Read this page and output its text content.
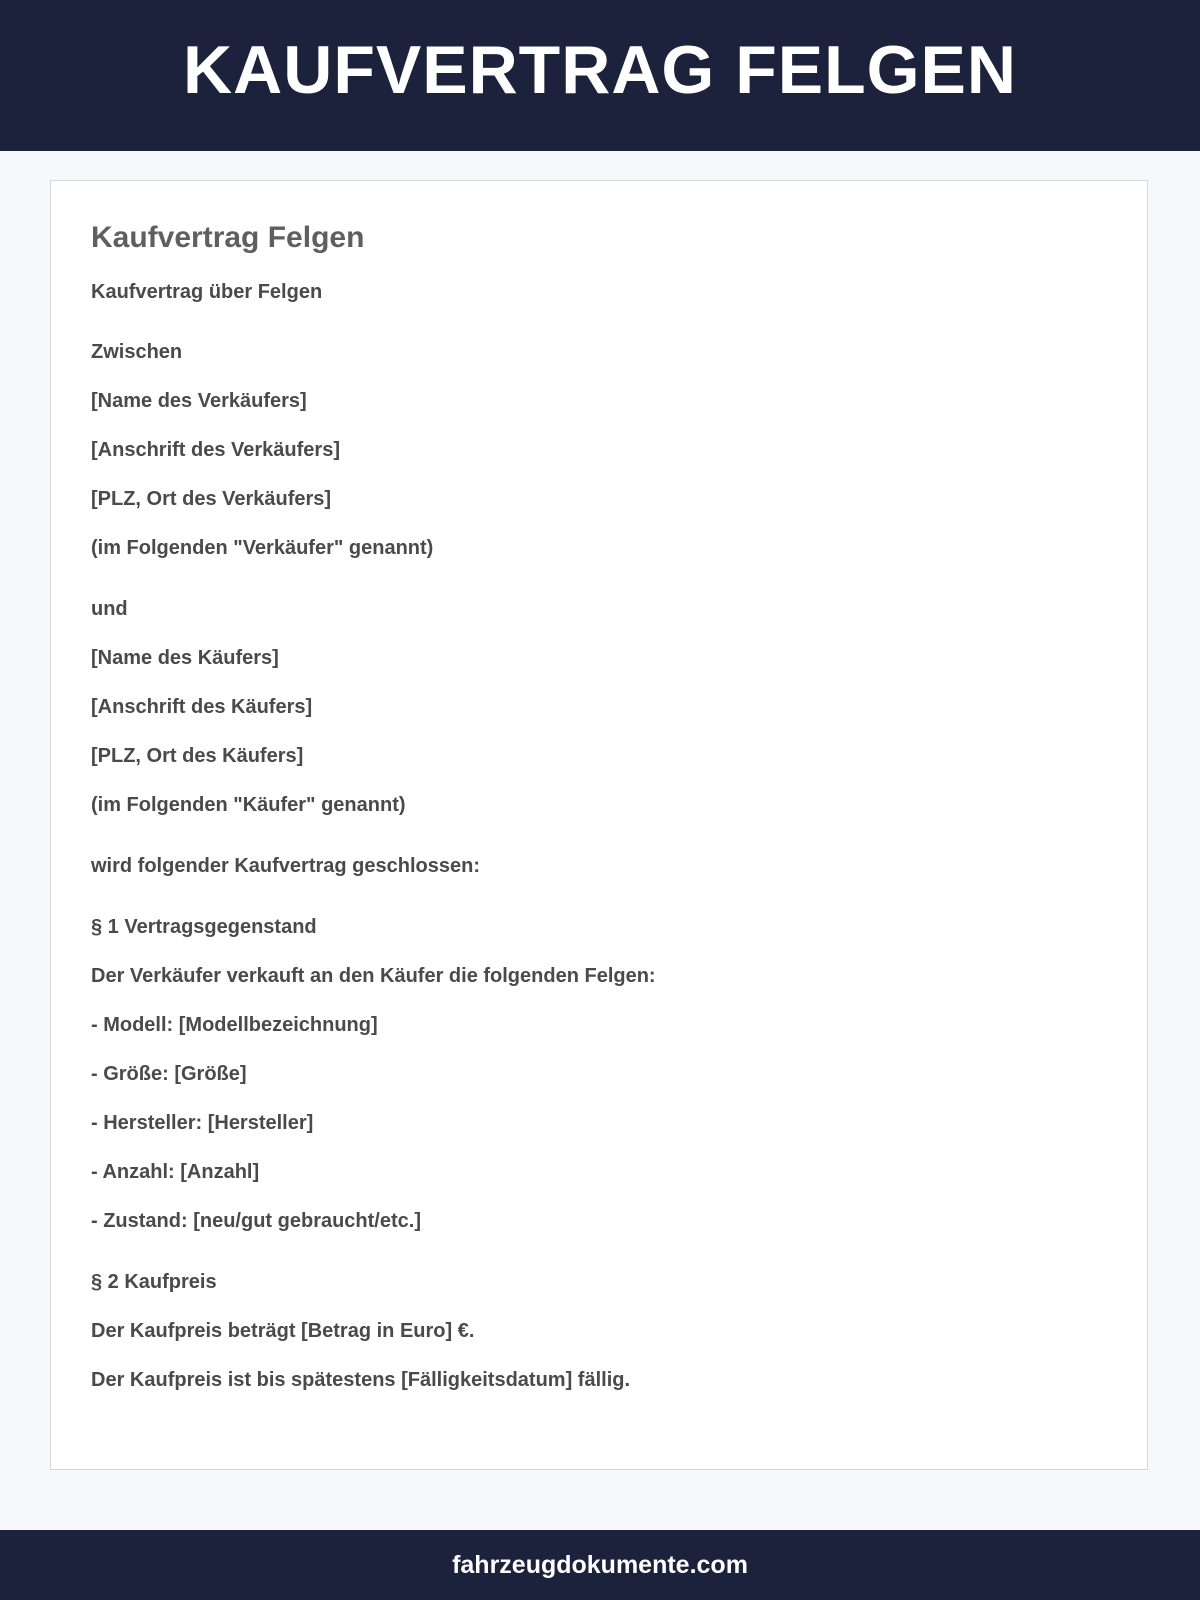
KAUFVERTRAG FELGEN
Kaufvertrag Felgen

Kaufvertrag über Felgen

Zwischen

[Name des Verkäufers]

[Anschrift des Verkäufers]

[PLZ, Ort des Verkäufers]

(im Folgenden "Verkäufer" genannt)

und

[Name des Käufers]

[Anschrift des Käufers]

[PLZ, Ort des Käufers]

(im Folgenden "Käufer" genannt)

wird folgender Kaufvertrag geschlossen:

§ 1 Vertragsgegenstand

Der Verkäufer verkauft an den Käufer die folgenden Felgen:

- Modell: [Modellbezeichnung]

- Größe: [Größe]

- Hersteller: [Hersteller]

- Anzahl: [Anzahl]

- Zustand: [neu/gut gebraucht/etc.]

§ 2 Kaufpreis

Der Kaufpreis beträgt [Betrag in Euro] €.

Der Kaufpreis ist bis spätestens [Fälligkeitsdatum] fällig.

fahrzeugdokumente.com
